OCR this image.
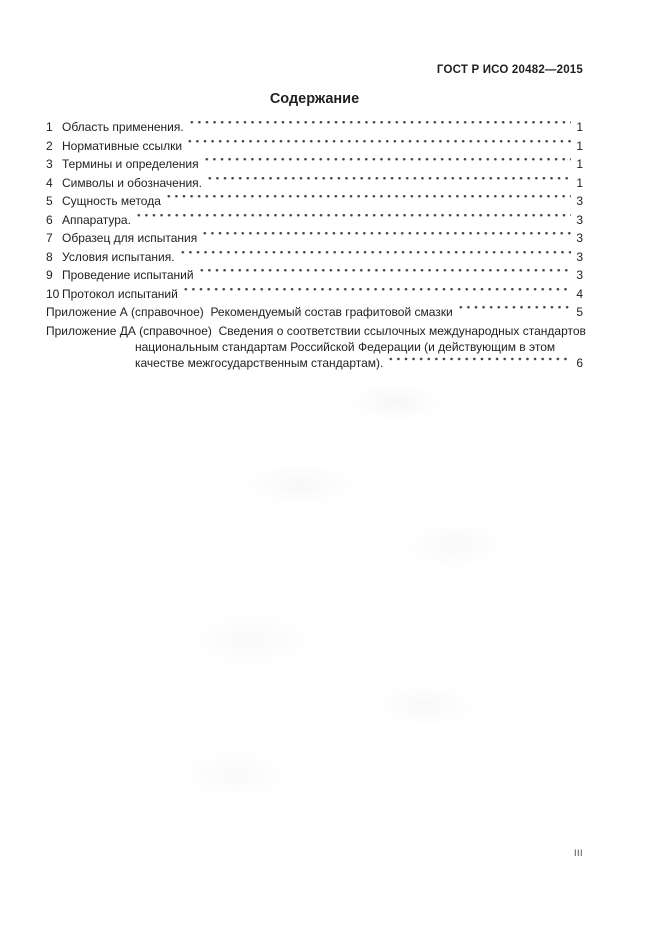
ГОСТ Р ИСО 20482—2015
Содержание
1 Область применения.	1
2 Нормативные ссылки	1
3 Термины и определения	1
4 Символы и обозначения.	1
5 Сущность метода	3
6 Аппаратура.	3
7 Образец для испытания	3
8 Условия испытания.	3
9 Проведение испытаний	3
10 Протокол испытаний	4
Приложение А (справочное)  Рекомендуемый состав графитовой смазки	5
Приложение ДА (справочное)  Сведения о соответствии ссылочных международных стандартов
национальным стандартам Российской Федерации (и действующим в этом
качестве межгосударственным стандартам).	6
III
